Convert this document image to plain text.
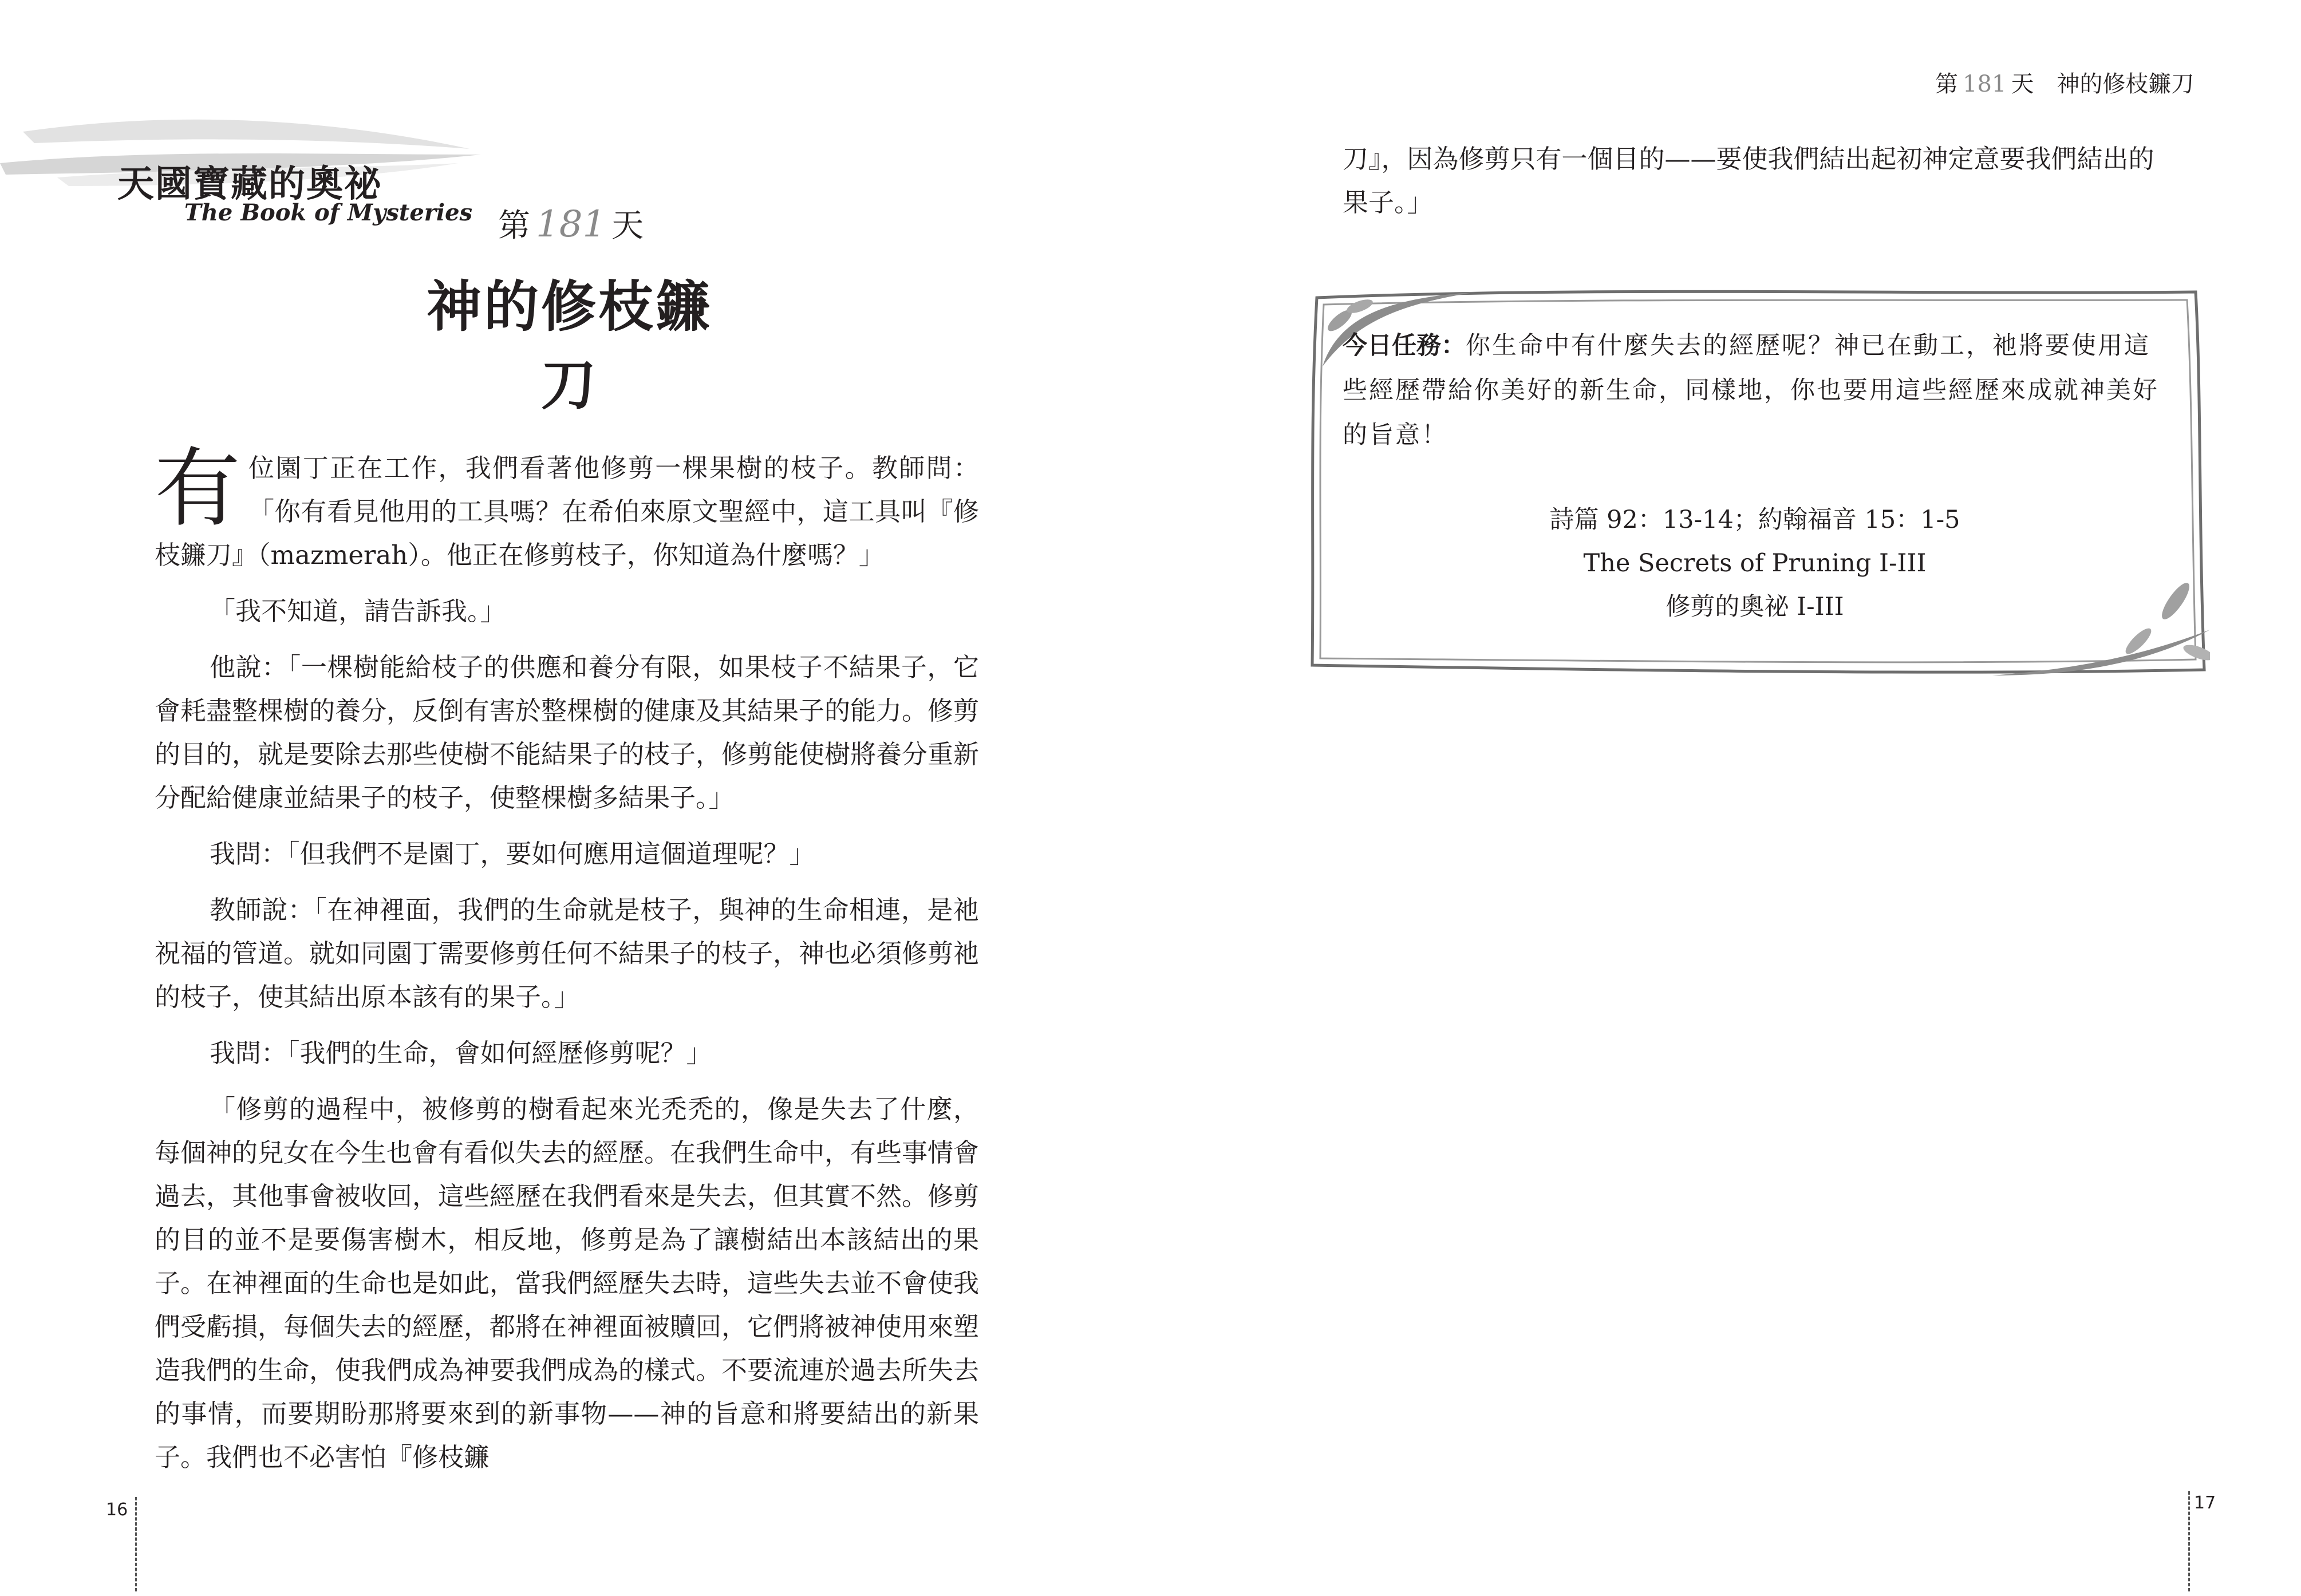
天國寶藏的奧祕
The Book of Mysteries 第 181 天
神的修枝鐮刀

有位園丁正在工作，我們看著他修剪一棵果樹的枝子。教師問：「你有看見他用的工具嗎？在希伯來原文聖經中，這工具叫『修枝鐮刀』（mazmerah）。他正在修剪枝子，你知道為什麼嗎？」

「我不知道，請告訴我。」

他說：「一棵樹能給枝子的供應和養分有限，如果枝子不結果子，它會耗盡整棵樹的養分，反倒有害於整棵樹的健康及其結果子的能力。修剪的目的，就是要除去那些使樹不能結果子的枝子，修剪能使樹將養分重新分配給健康並結果子的枝子，使整棵樹多結果子。」

我問：「但我們不是園丁，要如何應用這個道理呢？」

教師說：「在神裡面，我們的生命就是枝子，與神的生命相連，是祂祝福的管道。就如同園丁需要修剪任何不結果子的枝子，神也必須修剪祂的枝子，使其結出原本該有的果子。」

我問：「我們的生命，會如何經歷修剪呢？」

「修剪的過程中，被修剪的樹看起來光禿禿的，像是失去了什麼，每個神的兒女在今生也會有看似失去的經歷。在我們生命中，有些事情會過去，其他事會被收回，這些經歷在我們看來是失去，但其實不然。修剪的目的並不是要傷害樹木，相反地，修剪是為了讓樹結出本該結出的果子。在神裡面的生命也是如此，當我們經歷失去時，這些失去並不會使我們受虧損，每個失去的經歷，都將在神裡面被贖回，它們將被神使用來塑造我們的生命，使我們成為神要我們成為的樣式。不要流連於過去所失去的事情，而要期盼那將要來到的新事物——神的旨意和將要結出的新果子。我們也不必害怕『修枝鐮

16
第 181 天　神的修枝鐮刀
刀』，因為修剪只有一個目的——要使我們結出起初神定意要我們結出的果子。」
今日任務：你生命中有什麼失去的經歷呢？神已在動工，祂將要使用這些經歷帶給你美好的新生命，同樣地，你也要用這些經歷來成就神美好的旨意！
詩篇 92：13-14；約翰福音 15：1-5
The Secrets of Pruning I-III
修剪的奧祕 I-III
17
